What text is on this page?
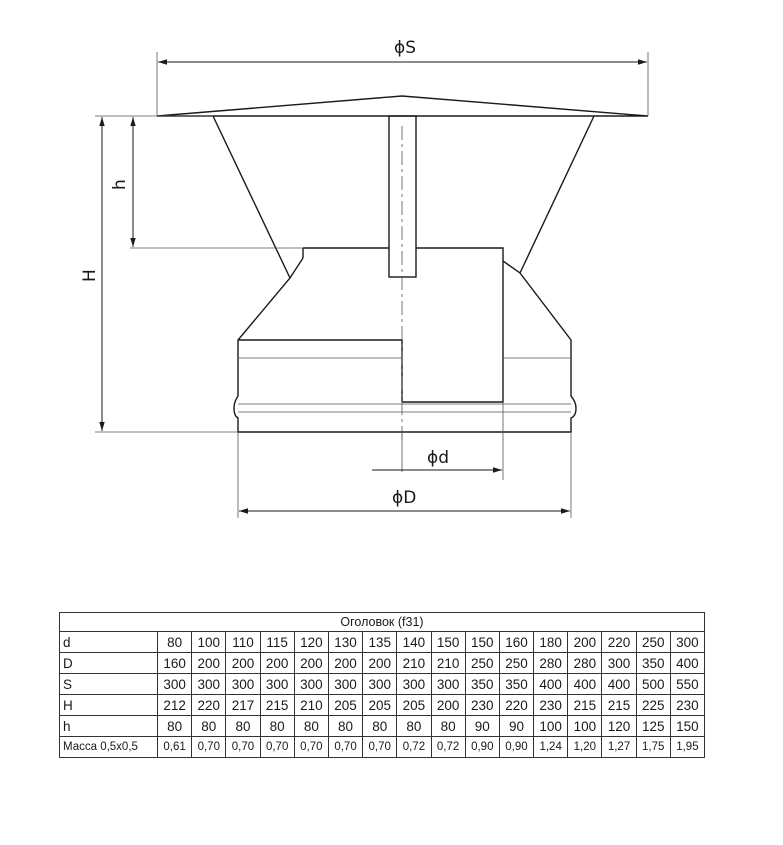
ϕS
ϕd
ϕD
H
h
Оголовок (f31)																
d	80	100	110	115	120	130	135	140	150	150	160	180	200	220	250	300
D	160	200	200	200	200	200	200	210	210	250	250	280	280	300	350	400
S	300	300	300	300	300	300	300	300	300	350	350	400	400	400	500	550
H	212	220	217	215	210	205	205	205	200	230	220	230	215	215	225	230
h	80	80	80	80	80	80	80	80	80	90	90	100	100	120	125	150
Масса 0,5х0,5	0,61	0,70	0,70	0,70	0,70	0,70	0,70	0,72	0,72	0,90	0,90	1,24	1,20	1,27	1,75	1,95
